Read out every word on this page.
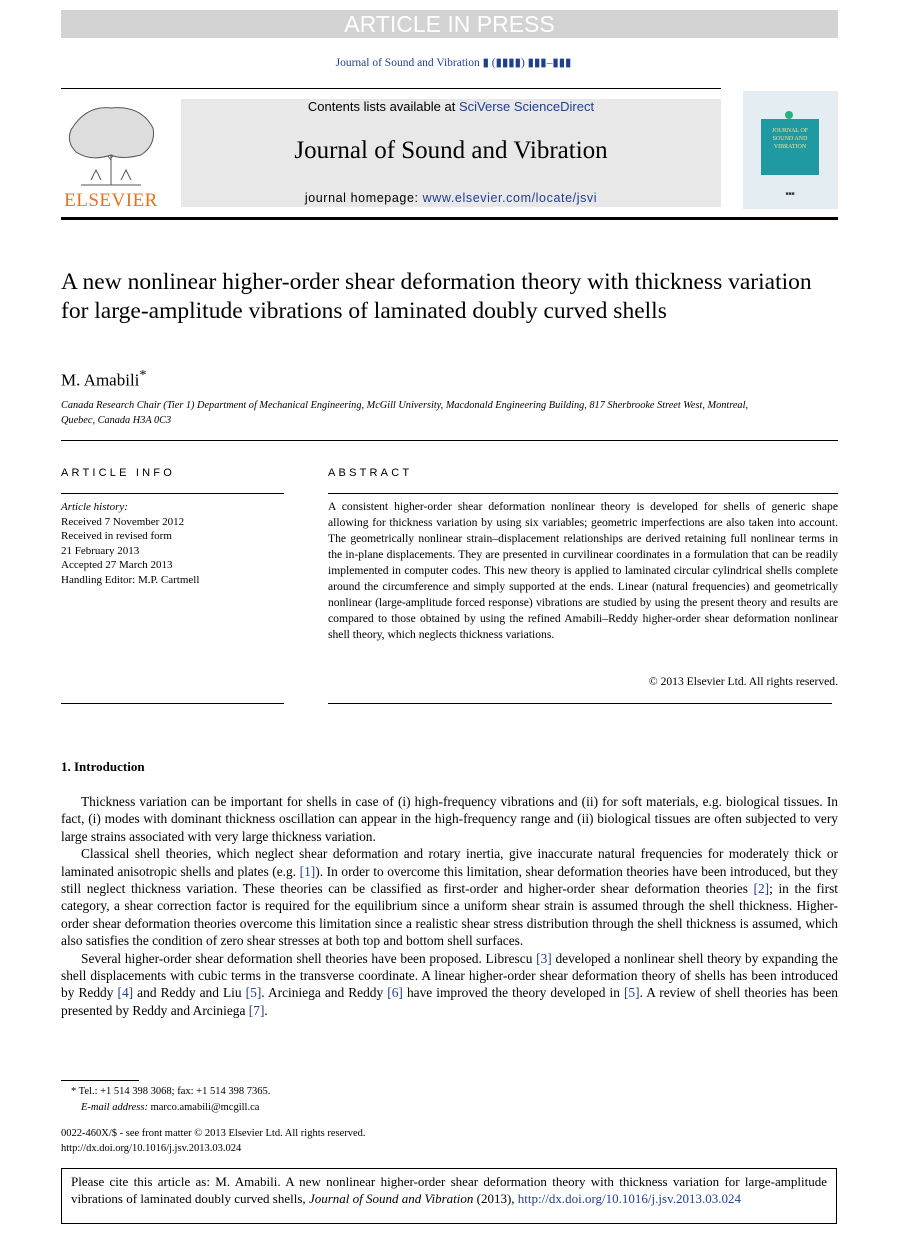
ARTICLE IN PRESS
Journal of Sound and Vibration ▮ (▮▮▮▮) ▮▮▮–▮▮▮
ELSEVIER
Contents lists available at SciVerse ScienceDirect
Journal of Sound and Vibration
journal homepage: www.elsevier.com/locate/jsvi
JOURNAL OF SOUND AND VIBRATION
■■■
A new nonlinear higher-order shear deformation theory with thickness variation for large-amplitude vibrations of laminated doubly curved shells
M. Amabili*
Canada Research Chair (Tier 1) Department of Mechanical Engineering, McGill University, Macdonald Engineering Building, 817 Sherbrooke Street West, Montreal, Quebec, Canada H3A 0C3
ARTICLE INFO	ABSTRACT
Article history:
Received 7 November 2012
Received in revised form
21 February 2013
Accepted 27 March 2013
Handling Editor: M.P. Cartmell
A consistent higher-order shear deformation nonlinear theory is developed for shells of generic shape allowing for thickness variation by using six variables; geometric imperfections are also taken into account. The geometrically nonlinear strain–displacement relationships are derived retaining full nonlinear terms in the in-plane displacements. They are presented in curvilinear coordinates in a formulation that can be readily implemented in computer codes. This new theory is applied to laminated circular cylindrical shells complete around the circumference and simply supported at the ends. Linear (natural frequencies) and geometrically nonlinear (large-amplitude forced response) vibrations are studied by using the present theory and results are compared to those obtained by using the refined Amabili–Reddy higher-order shear deformation nonlinear shell theory, which neglects thickness variations.
© 2013 Elsevier Ltd. All rights reserved.
1. Introduction

Thickness variation can be important for shells in case of (i) high-frequency vibrations and (ii) for soft materials, e.g. biological tissues. In fact, (i) modes with dominant thickness oscillation can appear in the high-frequency range and (ii) biological tissues are often subjected to very large strains associated with very large thickness variation.

Classical shell theories, which neglect shear deformation and rotary inertia, give inaccurate natural frequencies for moderately thick or laminated anisotropic shells and plates (e.g. [1]). In order to overcome this limitation, shear deformation theories have been introduced, but they still neglect thickness variation. These theories can be classified as first-order and higher-order shear deformation theories [2]; in the first category, a shear correction factor is required for the equilibrium since a uniform shear strain is assumed through the shell thickness. Higher-order shear deformation theories overcome this limitation since a realistic shear stress distribution through the shell thickness is assumed, which also satisfies the condition of zero shear stresses at both top and bottom shell surfaces.

Several higher-order shear deformation shell theories have been proposed. Librescu [3] developed a nonlinear shell theory by expanding the shell displacements with cubic terms in the transverse coordinate. A linear higher-order shear deformation theory of shells has been introduced by Reddy [4] and Reddy and Liu [5]. Arciniega and Reddy [6] have improved the theory developed in [5]. A review of shell theories has been presented by Reddy and Arciniega [7].

* Tel.: +1 514 398 3068; fax: +1 514 398 7365.
E-mail address: marco.amabili@mcgill.ca
0022-460X/$ - see front matter © 2013 Elsevier Ltd. All rights reserved.
http://dx.doi.org/10.1016/j.jsv.2013.03.024
Please cite this article as: M. Amabili. A new nonlinear higher-order shear deformation theory with thickness variation for large-amplitude vibrations of laminated doubly curved shells, Journal of Sound and Vibration (2013), http://dx.doi.org/10.1016/j.jsv.2013.03.024
